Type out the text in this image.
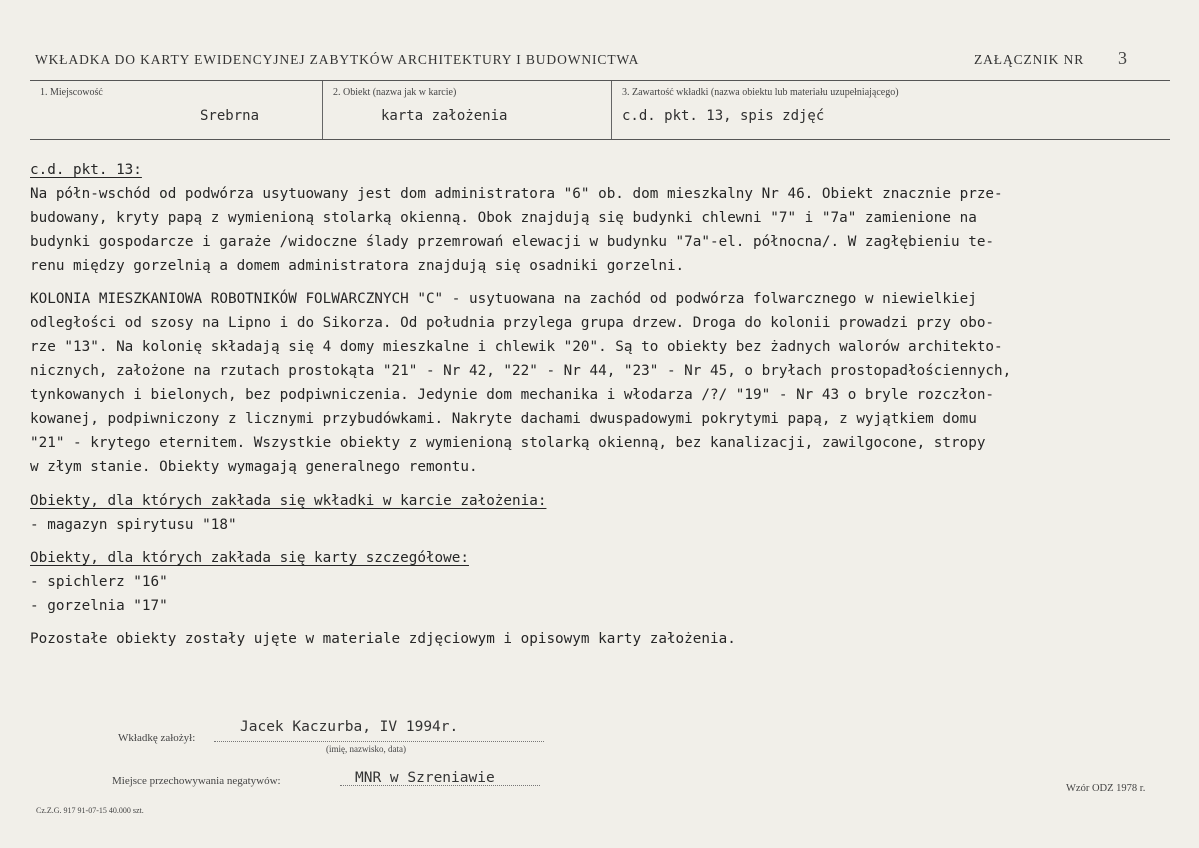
WKŁADKA DO KARTY EWIDENCYJNEJ ZABYTKÓW ARCHITEKTURY I BUDOWNICTWA	ZAŁĄCZNIK NR 3
1. Miejscowość
Srebrna
2. Obiekt (nazwa jak w karcie)
karta założenia
3. Zawartość wkładki (nazwa obiektu lub materiału uzupełniającego)
c.d. pkt. 13, spis zdjęć
c.d. pkt. 13:

Na półn-wschód od podwórza usytuowany jest dom administratora "6" ob. dom mieszkalny Nr 46. Obiekt znacznie prze-
budowany, kryty papą z wymienioną stolarką okienną. Obok znajdują się budynki chlewni "7" i "7a" zamienione na
budynki gospodarcze i garaże /widoczne ślady przemrowań elewacji w budynku "7a"-el. północna/. W zagłębieniu te-
renu między gorzelnią a domem administratora znajdują się osadniki gorzelni.

KOLONIA MIESZKANIOWA ROBOTNIKÓW FOLWARCZNYCH "C" - usytuowana na zachód od podwórza folwarcznego w niewielkiej
odległości od szosy na Lipno i do Sikorza. Od południa przylega grupa drzew. Droga do kolonii prowadzi przy obo-
rze "13". Na kolonię składają się 4 domy mieszkalne i chlewik "20". Są to obiekty bez żadnych walorów architekto-
nicznych, założone na rzutach prostokąta "21" - Nr 42, "22" - Nr 44, "23" - Nr 45, o bryłach prostopadłościennych,
tynkowanych i bielonych, bez podpiwniczenia. Jedynie dom mechanika i włodarza /?/ "19" - Nr 43 o bryle rozczłon-
kowanej, podpiwniczony z licznymi przybudówkami. Nakryte dachami dwuspadowymi pokrytymi papą, z wyjątkiem domu
"21" - krytego eternitem. Wszystkie obiekty z wymienioną stolarką okienną, bez kanalizacji, zawilgocone, stropy
w złym stanie. Obiekty wymagają generalnego remontu.

Obiekty, dla których zakłada się wkładki w karcie założenia:
- magazyn spirytusu "18"
Obiekty, dla których zakłada się karty szczegółowe:
- spichlerz "16"
- gorzelnia "17"
Pozostałe obiekty zostały ujęte w materiale zdjęciowym i opisowym karty założenia.
Wkładkę założył:
Jacek Kaczurba, IV 1994r.
(imię, nazwisko, data)
Miejsce przechowywania negatywów:	MNR w Szreniawie
Cz.Z.G. 917 91-07-15 40.000 szt.
Wzór ODZ 1978 r.
